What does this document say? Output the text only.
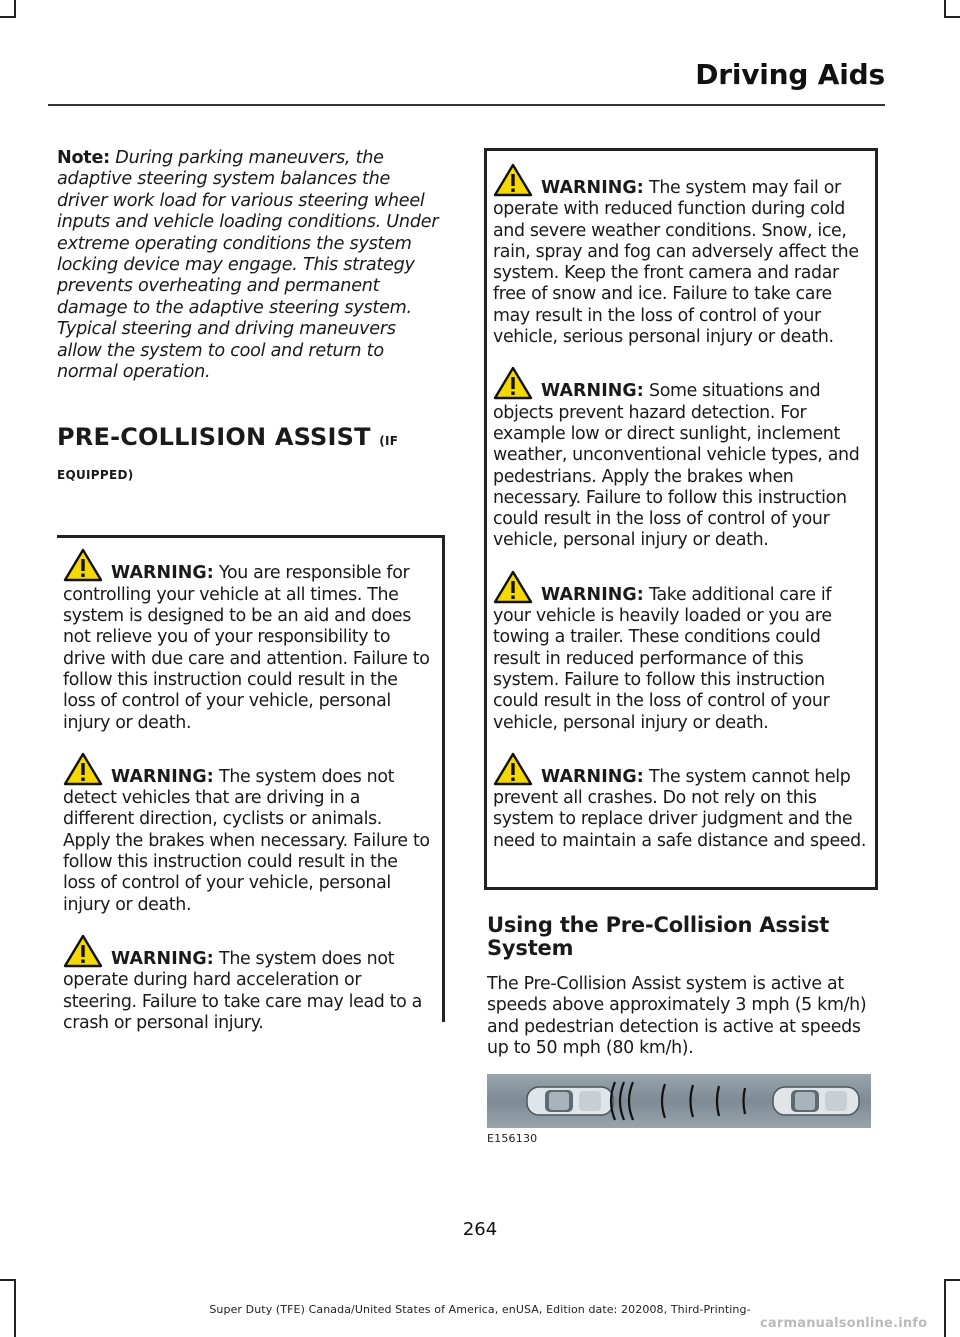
Driving Aids

Note: During parking maneuvers, the adaptive steering system balances the driver work load for various steering wheel inputs and vehicle loading conditions. Under extreme operating conditions the system locking device may engage. This strategy prevents overheating and permanent damage to the adaptive steering system. Typical steering and driving maneuvers allow the system to cool and return to normal operation.

PRE-COLLISION ASSIST (IF
EQUIPPED)

WARNING: You are responsible for controlling your vehicle at all times. The system is designed to be an aid and does not relieve you of your responsibility to drive with due care and attention. Failure to follow this instruction could result in the loss of control of your vehicle, personal injury or death.

WARNING: The system does not detect vehicles that are driving in a different direction, cyclists or animals. Apply the brakes when necessary. Failure to follow this instruction could result in the loss of control of your vehicle, personal injury or death.

WARNING: The system does not operate during hard acceleration or steering. Failure to take care may lead to a crash or personal injury.

WARNING: The system may fail or operate with reduced function during cold and severe weather conditions. Snow, ice, rain, spray and fog can adversely affect the system. Keep the front camera and radar free of snow and ice. Failure to take care may result in the loss of control of your vehicle, serious personal injury or death.

WARNING: Some situations and objects prevent hazard detection. For example low or direct sunlight, inclement weather, unconventional vehicle types, and pedestrians. Apply the brakes when necessary. Failure to follow this instruction could result in the loss of control of your vehicle, personal injury or death.

WARNING: Take additional care if your vehicle is heavily loaded or you are towing a trailer. These conditions could result in reduced performance of this system. Failure to follow this instruction could result in the loss of control of your vehicle, personal injury or death.

WARNING: The system cannot help prevent all crashes. Do not rely on this system to replace driver judgment and the need to maintain a safe distance and speed.

Using the Pre-Collision Assist System

The Pre-Collision Assist system is active at speeds above approximately 3 mph (5 km/h) and pedestrian detection is active at speeds up to 50 mph (80 km/h).

E156130
264
Super Duty (TFE) Canada/United States of America, enUSA, Edition date: 202008, Third-Printing-
carmanualsonline.info
